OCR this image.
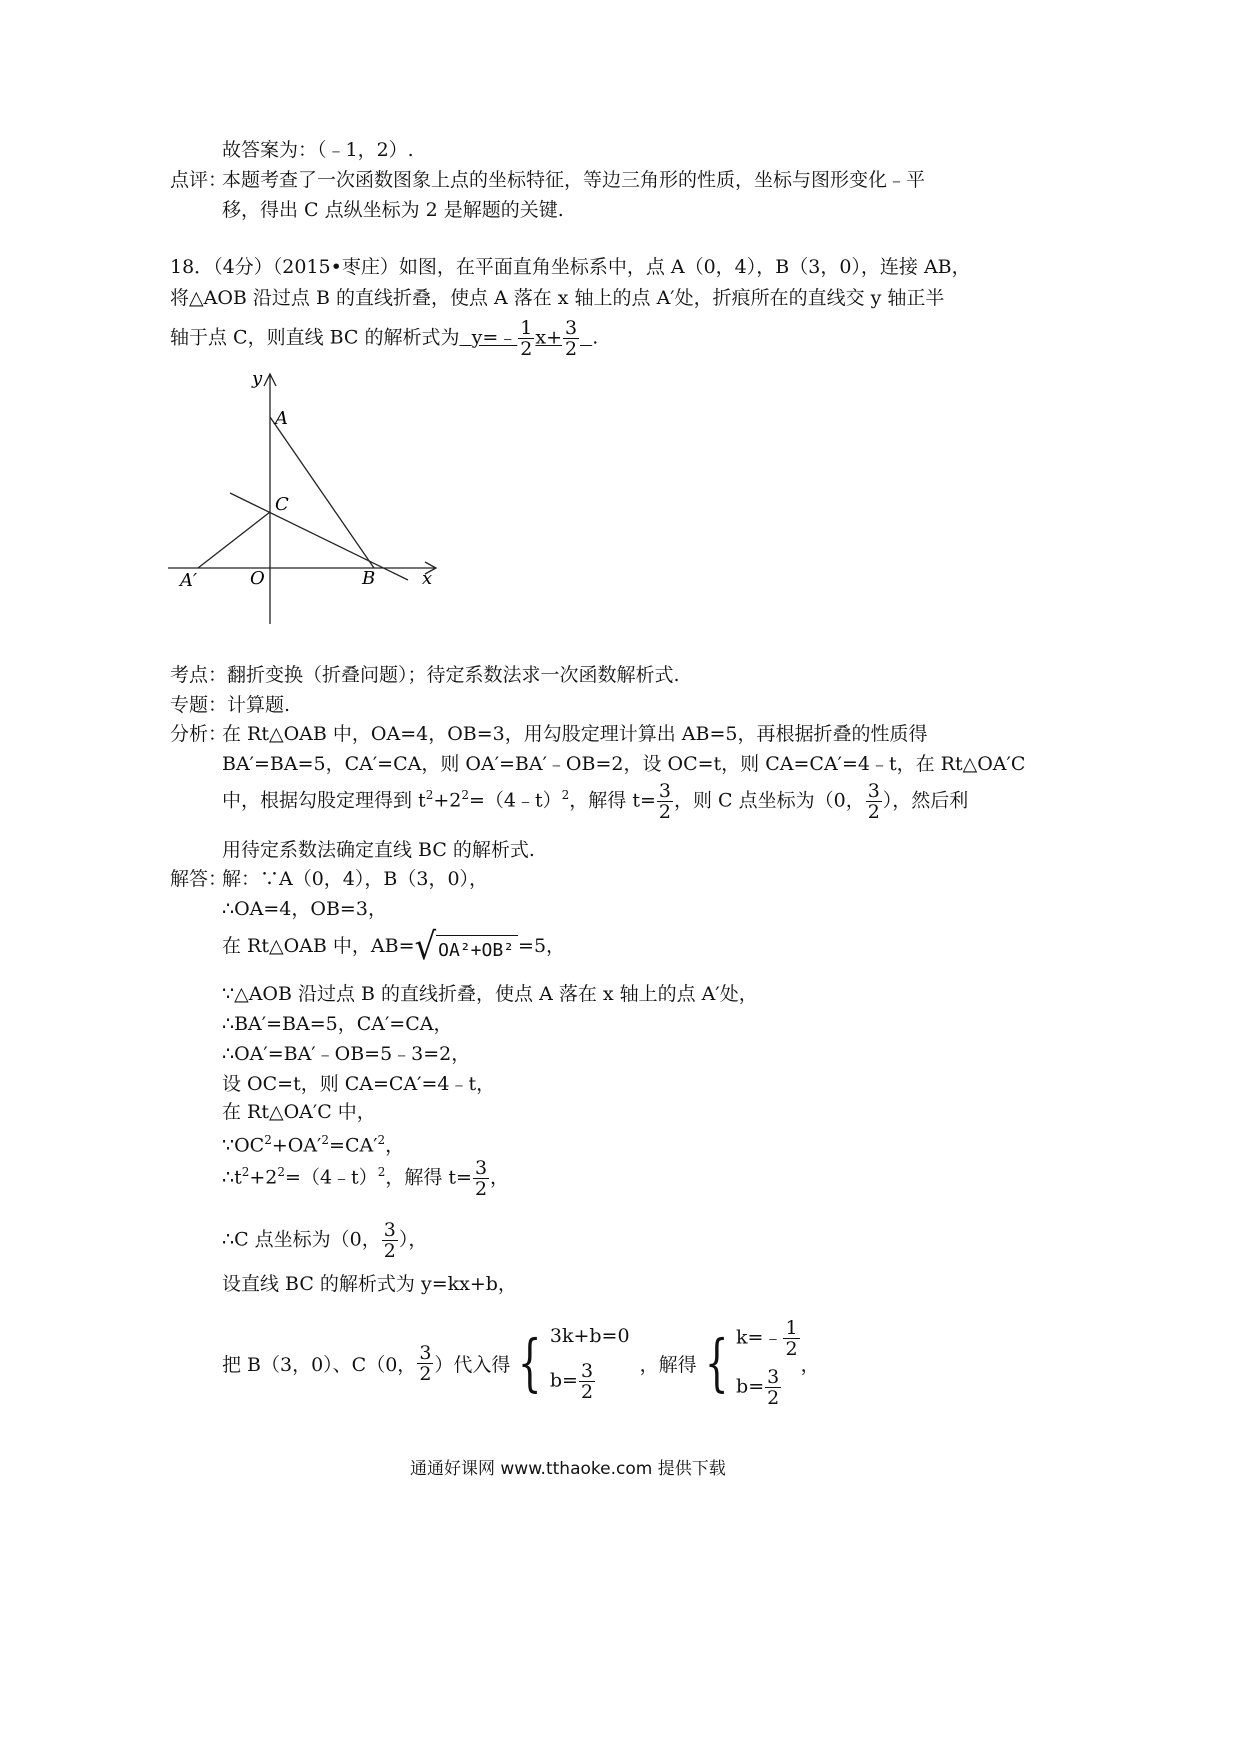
故答案为：（﹣1，2）.
点评：
本题考查了一次函数图象上点的坐标特征，等边三角形的性质，坐标与图形变化﹣平
移，得出 C 点纵坐标为 2 是解题的关键.
18．（4分）（2015•枣庄）如图，在平面直角坐标系中，点 A（0，4），B（3，0），连接 AB，
将△AOB 沿过点 B 的直线折叠，使点 A 落在 x 轴上的点 A′处，折痕所在的直线交 y 轴正半
轴于点 C，则直线 BC 的解析式为 y=﹣ $\frac{1}{2} x+ \frac{3}{2}$ .
y
x
A
C
O	B
A′
考点：翻折变换（折叠问题）；待定系数法求一次函数解析式.
专题：计算题.
分析：
在 Rt△OAB 中，OA=4，OB=3，用勾股定理计算出 AB=5，再根据折叠的性质得
BA′=BA=5，CA′=CA，则 OA′=BA′﹣OB=2，设 OC=t，则 CA=CA′=4﹣t，在 Rt△OA′C
中，根据勾股定理得到 $t^2+2^2=(4﹣t)^2$，解得 $t= \frac{3}{2}$ ，则 C 点坐标为（0， $\frac{3}{2}$ ），然后利
用待定系数法确定直线 BC 的解析式.
解答：
解：∵A（0，4），B（3，0），
∴OA=4，OB=3，
在 Rt△OAB 中，AB= √ OA²+OB² =5，
∵△AOB 沿过点 B 的直线折叠，使点 A 落在 x 轴上的点 A′处，
∴BA′=BA=5，CA′=CA，
∴OA′=BA′﹣OB=5﹣3=2，
设 OC=t，则 CA=CA′=4﹣t，
在 Rt△OA′C 中，
$\because OC^2+OA'^2=CA'^2$，
$\therefore t^2+2^2=(4﹣t)^2$，解得 $t= \frac{3}{2}$ ，
∴C 点坐标为（0， $\frac{3}{2}$ ），
设直线 BC 的解析式为 y=kx+b，
把 B（3，0）、C（0， $\frac{3}{2}$ ）代入得 { 3k+b=0
$b= \frac{3}{2}$ ，解得 { k=﹣ $\frac{1}{2}$
$b= \frac{3}{2}$
，
通通好课网 www.tthaoke.com 提供下载
